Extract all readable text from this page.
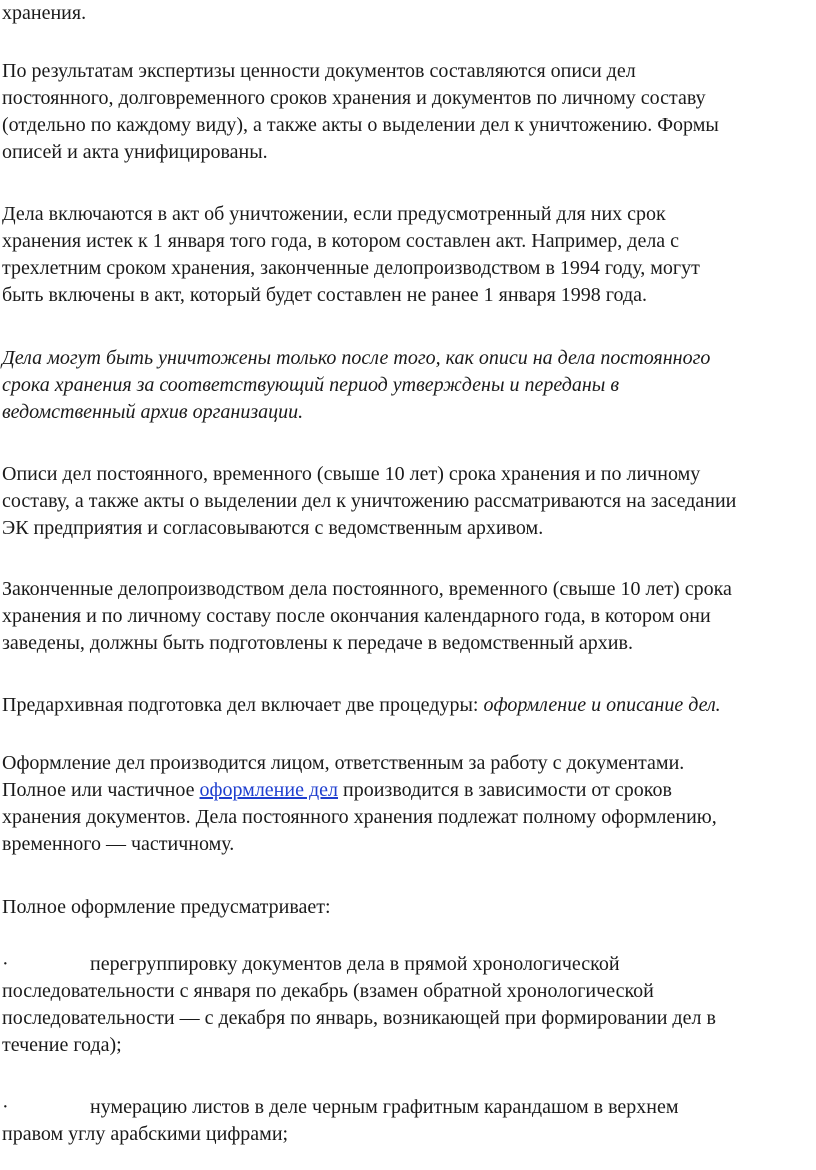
хранения.
По результатам экспертизы ценности документов составляются описи дел
постоянного, долговременного сроков хранения и документов по личному составу
(отдельно по каждому виду), а также акты о выделении дел к уничтожению. Формы
описей и акта унифицированы.
Дела включаются в акт об уничтожении, если предусмотренный для них срок
хранения истек к 1 января того года, в котором составлен акт. Например, дела с
трехлетним сроком хранения, законченные делопроизводством в 1994 году, могут
быть включены в акт, который будет составлен не ранее 1 января 1998 года.
Дела могут быть уничтожены только после того, как описи на дела постоянного
срока хранения за соответствующий период утверждены и переданы в
ведомственный архив организации.
Описи дел постоянного, временного (свыше 10 лет) срока хранения и по личному
составу, а также акты о выделении дел к уничтожению рассматриваются на заседании
ЭК предприятия и согласовываются с ведомственным архивом.
Законченные делопроизводством дела постоянного, временного (свыше 10 лет) срока
хранения и по личному составу после окончания календарного года, в котором они
заведены, должны быть подготовлены к передаче в ведомственный архив.
Предархивная подготовка дел включает две процедуры: оформление и описание дел.
Оформление дел производится лицом, ответственным за работу с документами.
Полное или частичное оформление дел производится в зависимости от сроков
хранения документов. Дела постоянного хранения подлежат полному оформлению,
временного — частичному.
Полное оформление предусматривает:
·	перегруппировку документов дела в прямой хронологической
последовательности с января по декабрь (взамен обратной хронологической
последовательности — с декабря по январь, возникающей при формировании дел в
течение года);
·	нумерацию листов в деле черным графитным карандашом в верхнем
правом углу арабскими цифрами;
